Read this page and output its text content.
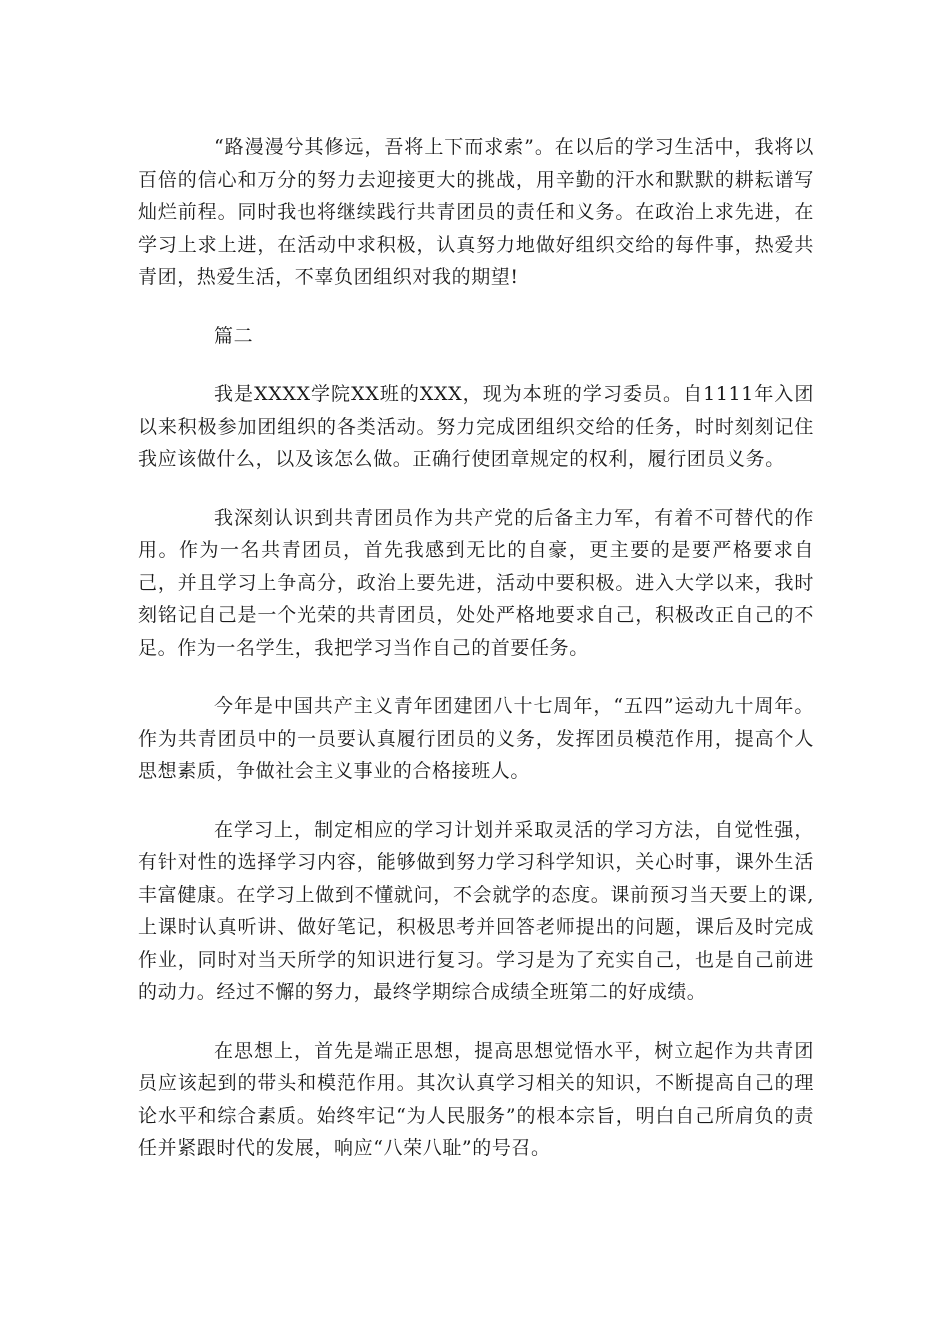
“路漫漫兮其修远，吾将上下而求索”。在以后的学习生活中，我将以百倍的信心和万分的努力去迎接更大的挑战，用辛勤的汗水和默默的耕耘谱写灿烂前程。同时我也将继续践行共青团员的责任和义务。在政治上求先进，在学习上求上进，在活动中求积极，认真努力地做好组织交给的每件事，热爱共青团，热爱生活，不辜负团组织对我的期望!

篇二

我是XXXX学院XX班的XXX，现为本班的学习委员。自1111年入团以来积极参加团组织的各类活动。努力完成团组织交给的任务，时时刻刻记住我应该做什么，以及该怎么做。正确行使团章规定的权利，履行团员义务。

我深刻认识到共青团员作为共产党的后备主力军，有着不可替代的作用。作为一名共青团员，首先我感到无比的自豪，更主要的是要严格要求自己，并且学习上争高分，政治上要先进，活动中要积极。进入大学以来，我时刻铭记自己是一个光荣的共青团员，处处严格地要求自己，积极改正自己的不足。作为一名学生，我把学习当作自己的首要任务。

今年是中国共产主义青年团建团八十七周年，“五四”运动九十周年。作为共青团员中的一员要认真履行团员的义务，发挥团员模范作用，提高个人思想素质，争做社会主义事业的合格接班人。

在学习上，制定相应的学习计划并采取灵活的学习方法，自觉性强，有针对性的选择学习内容，能够做到努力学习科学知识，关心时事，课外生活丰富健康。在学习上做到不懂就问，不会就学的态度。课前预习当天要上的课,上课时认真听讲、做好笔记，积极思考并回答老师提出的问题，课后及时完成作业，同时对当天所学的知识进行复习。学习是为了充实自己，也是自己前进的动力。经过不懈的努力，最终学期综合成绩全班第二的好成绩。

在思想上，首先是端正思想，提高思想觉悟水平，树立起作为共青团员应该起到的带头和模范作用。其次认真学习相关的知识，不断提高自己的理论水平和综合素质。始终牢记“为人民服务”的根本宗旨，明白自己所肩负的责任并紧跟时代的发展，响应“八荣八耻”的号召。
